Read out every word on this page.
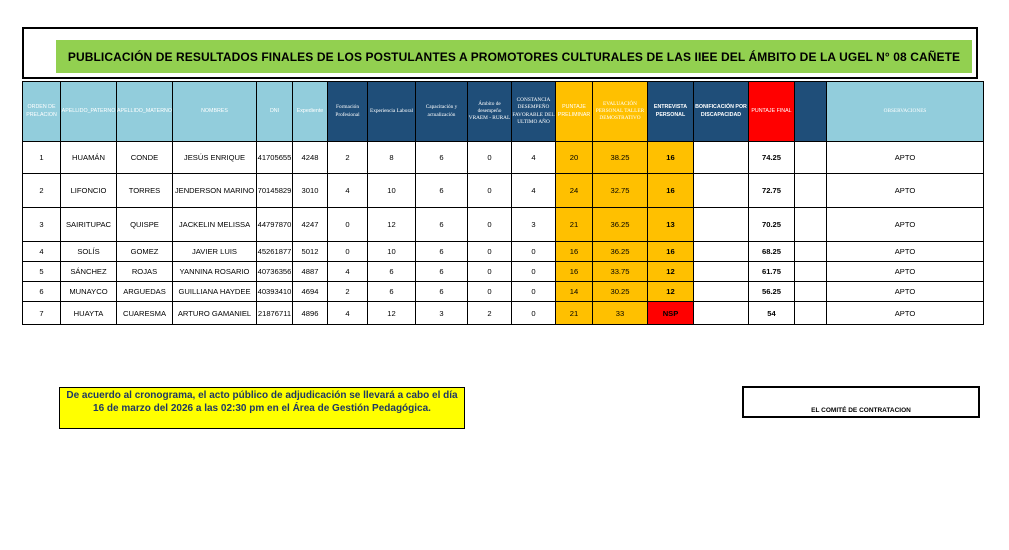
PUBLICACIÓN DE RESULTADOS FINALES DE LOS POSTULANTES A PROMOTORES CULTURALES DE LAS IIEE DEL ÁMBITO DE LA UGEL N° 08 CAÑETE
ORDEN DE PRELACION	APELLIDO_PATERNO	APELLIDO_MATERNO	NOMBRES	DNI	Expediente	Formación Profesional	Experiencia Laboral	Capacitación y actualización	Ámbito de desempeño VRAEM - RURAL	CONSTANCIA DESEMPEÑO FAVORABLE DEL ULTIMO AÑO	PUNTAJE PRELIMINAR	EVALUACIÓN PERSONAL TALLER DEMOSTRATIVO	ENTREVISTA PERSONAL	BONIFICACIÓN POR DISCAPACIDAD	PUNTAJE FINAL		OBSERVACIONES
1	HUAMÁN	CONDE	JESÚS ENRIQUE	41705655	4248	2	8	6	0	4	20	38.25	16		74.25		APTO
2	LIFONCIO	TORRES	JENDERSON MARINO	70145829	3010	4	10	6	0	4	24	32.75	16		72.75		APTO
3	SAIRITUPAC	QUISPE	JACKELIN MELISSA	44797870	4247	0	12	6	0	3	21	36.25	13		70.25		APTO
4	SOLÍS	GOMEZ	JAVIER LUIS	45261877	5012	0	10	6	0	0	16	36.25	16		68.25		APTO
5	SÁNCHEZ	ROJAS	YANNINA ROSARIO	40736356	4887	4	6	6	0	0	16	33.75	12		61.75		APTO
6	MUNAYCO	ARGUEDAS	GUILLIANA HAYDEE	40393410	4694	2	6	6	0	0	14	30.25	12		56.25		APTO
7	HUAYTA	CUARESMA	ARTURO GAMANIEL	21876711	4896	4	12	3	2	0	21	33	NSP		54		APTO
De acuerdo al cronograma, el acto público de adjudicación se llevará a cabo el día 16 de marzo del 2026 a las 02:30 pm en el Área de Gestión Pedagógica.	EL COMITÉ DE CONTRATACION
